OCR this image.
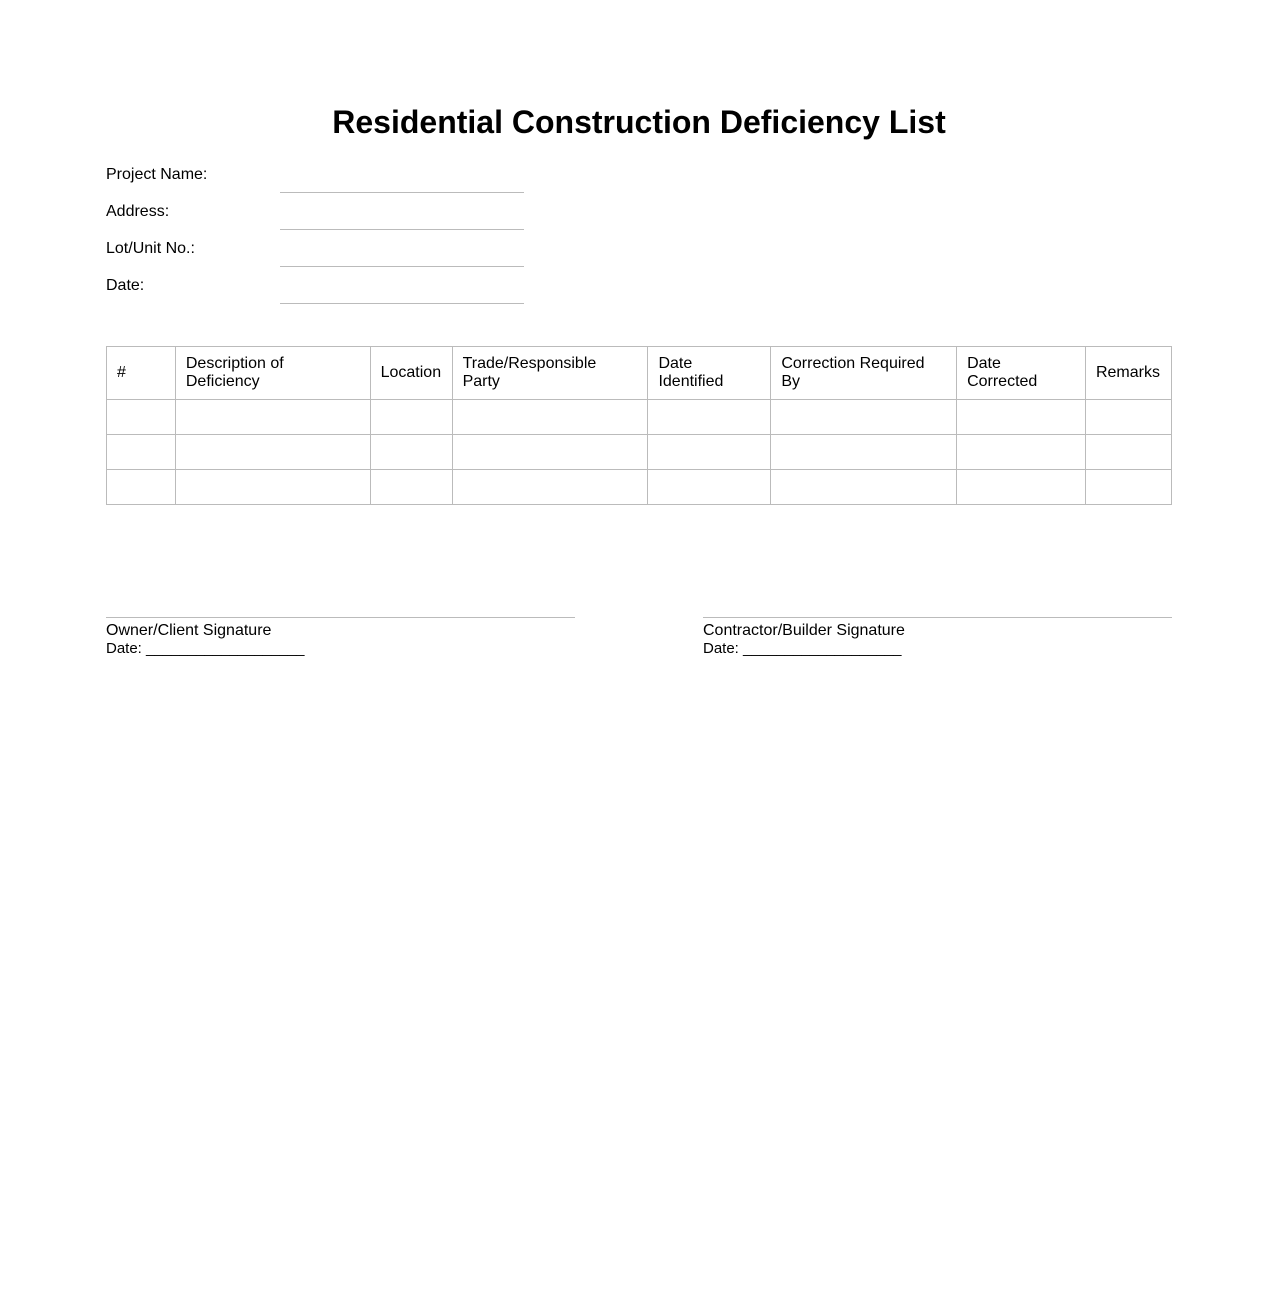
Residential Construction Deficiency List
Project Name:
Address:
Lot/Unit No.:
Date:
#	Description of Deficiency	Location	Trade/Responsible Party	Date Identified	Correction Required By	Date Corrected	Remarks

Owner/Client Signature
Date: ___________________
Contractor/Builder Signature
Date: ___________________
